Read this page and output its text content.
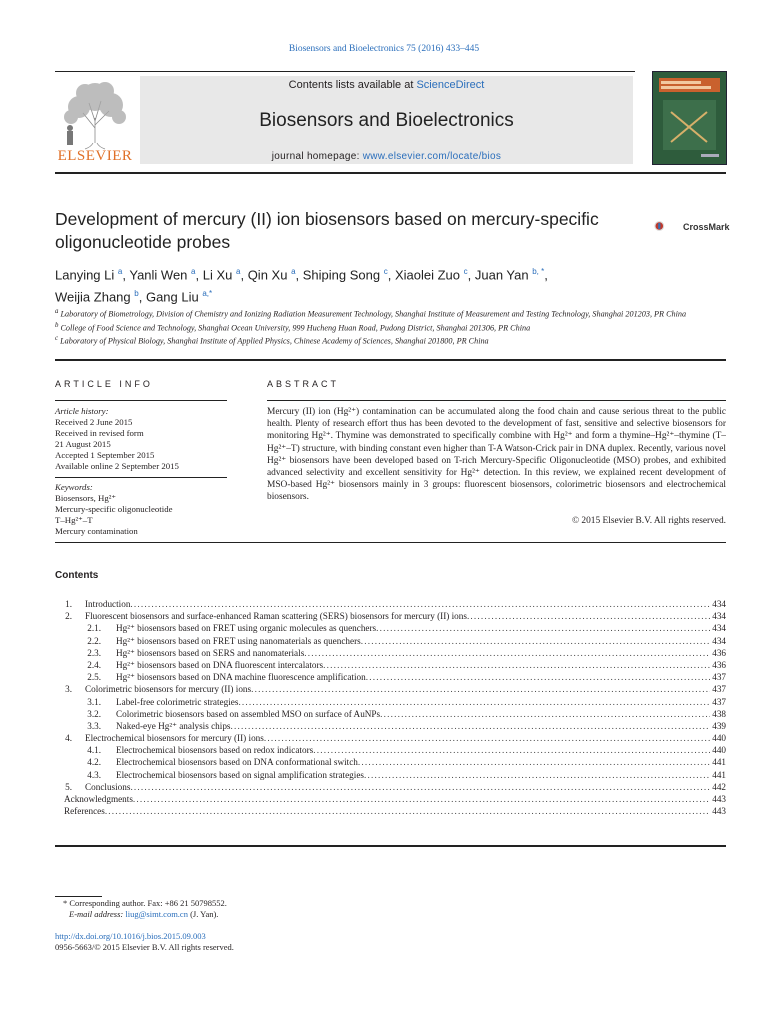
Biosensors and Bioelectronics 75 (2016) 433–445
ELSEVIER
Contents lists available at ScienceDirect
Biosensors and Bioelectronics
journal homepage: www.elsevier.com/locate/bios
Development of mercury (II) ion biosensors based on mercury-specific oligonucleotide probes
CrossMark
Lanying Li $^a$, Yanli Wen $^a$, Li Xu $^a$, Qin Xu $^a$, Shiping Song $^c$, Xiaolei Zuo $^c$, Juan Yan $^{b, *}$,
Weijia Zhang $^b$, Gang Liu $^{a,*}$

$^a$ Laboratory of Biometrology, Division of Chemistry and Ionizing Radiation Measurement Technology, Shanghai Institute of Measurement and Testing Technology, Shanghai 201203, PR China

$^b$ College of Food Science and Technology, Shanghai Ocean University, 999 Hucheng Huan Road, Pudong District, Shanghai 201306, PR China

$^c$ Laboratory of Physical Biology, Shanghai Institute of Applied Physics, Chinese Academy of Sciences, Shanghai 201800, PR China

ARTICLE INFO

Article history:

Received 2 June 2015

Received in revised form

21 August 2015

Accepted 1 September 2015

Available online 2 September 2015

Keywords:

Biosensors, Hg²⁺

Mercury-specific oligonucleotide

T–Hg²⁺–T

Mercury contamination

ABSTRACT
Mercury (II) ion (Hg²⁺) contamination can be accumulated along the food chain and cause serious threat to the public health. Plenty of research effort thus has been devoted to the development of fast, sensitive and selective biosensors for monitoring Hg²⁺. Thymine was demonstrated to specifically combine with Hg²⁺ and form a thymine–Hg²⁺–thymine (T–Hg²⁺–T) structure, with binding constant even higher than T-A Watson-Crick pair in DNA duplex. Recently, various novel Hg²⁺ biosensors have been developed based on T-rich Mercury-Specific Oligonucleotide (MSO) probes, and exhibited advanced selectivity and excellent sensitivity for Hg²⁺ detection. In this review, we explained recent development of MSO-based Hg²⁺ biosensors mainly in 3 groups: fluorescent biosensors, colorimetric biosensors and electrochemical biosensors.
© 2015 Elsevier B.V. All rights reserved.
Contents
1.	Introduction .....	434
2.	Fluorescent biosensors and surface-enhanced Raman scattering (SERS) biosensors for mercury (II) ions .....	434
2.1.	Hg²⁺ biosensors based on FRET using organic molecules as quenchers .....	434
2.2.	Hg²⁺ biosensors based on FRET using nanomaterials as quenchers .....	434
2.3.	Hg²⁺ biosensors based on SERS and nanomaterials .....	436
2.4.	Hg²⁺ biosensors based on DNA fluorescent intercalators .....	436
2.5.	Hg²⁺ biosensors based on DNA machine fluorescence amplification .....	437
3.	Colorimetric biosensors for mercury (II) ions .....	437
3.1.	Label-free colorimetric strategies .....	437
3.2.	Colorimetric biosensors based on assembled MSO on surface of AuNPs .....	438
3.3.	Naked-eye Hg²⁺ analysis chips .....	439
4.	Electrochemical biosensors for mercury (II) ions .....	440
4.1.	Electrochemical biosensors based on redox indicators .....	440
4.2.	Electrochemical biosensors based on DNA conformational switch .....	441
4.3.	Electrochemical biosensors based on signal amplification strategies .....	441
5.	Conclusions .....	442
Acknowledgments .....	443
References .....	443

* Corresponding author. Fax: +86 21 50798552.

E-mail address: liug@simt.com.cn (J. Yan).

http://dx.doi.org/10.1016/j.bios.2015.09.003

0956-5663/© 2015 Elsevier B.V. All rights reserved.
